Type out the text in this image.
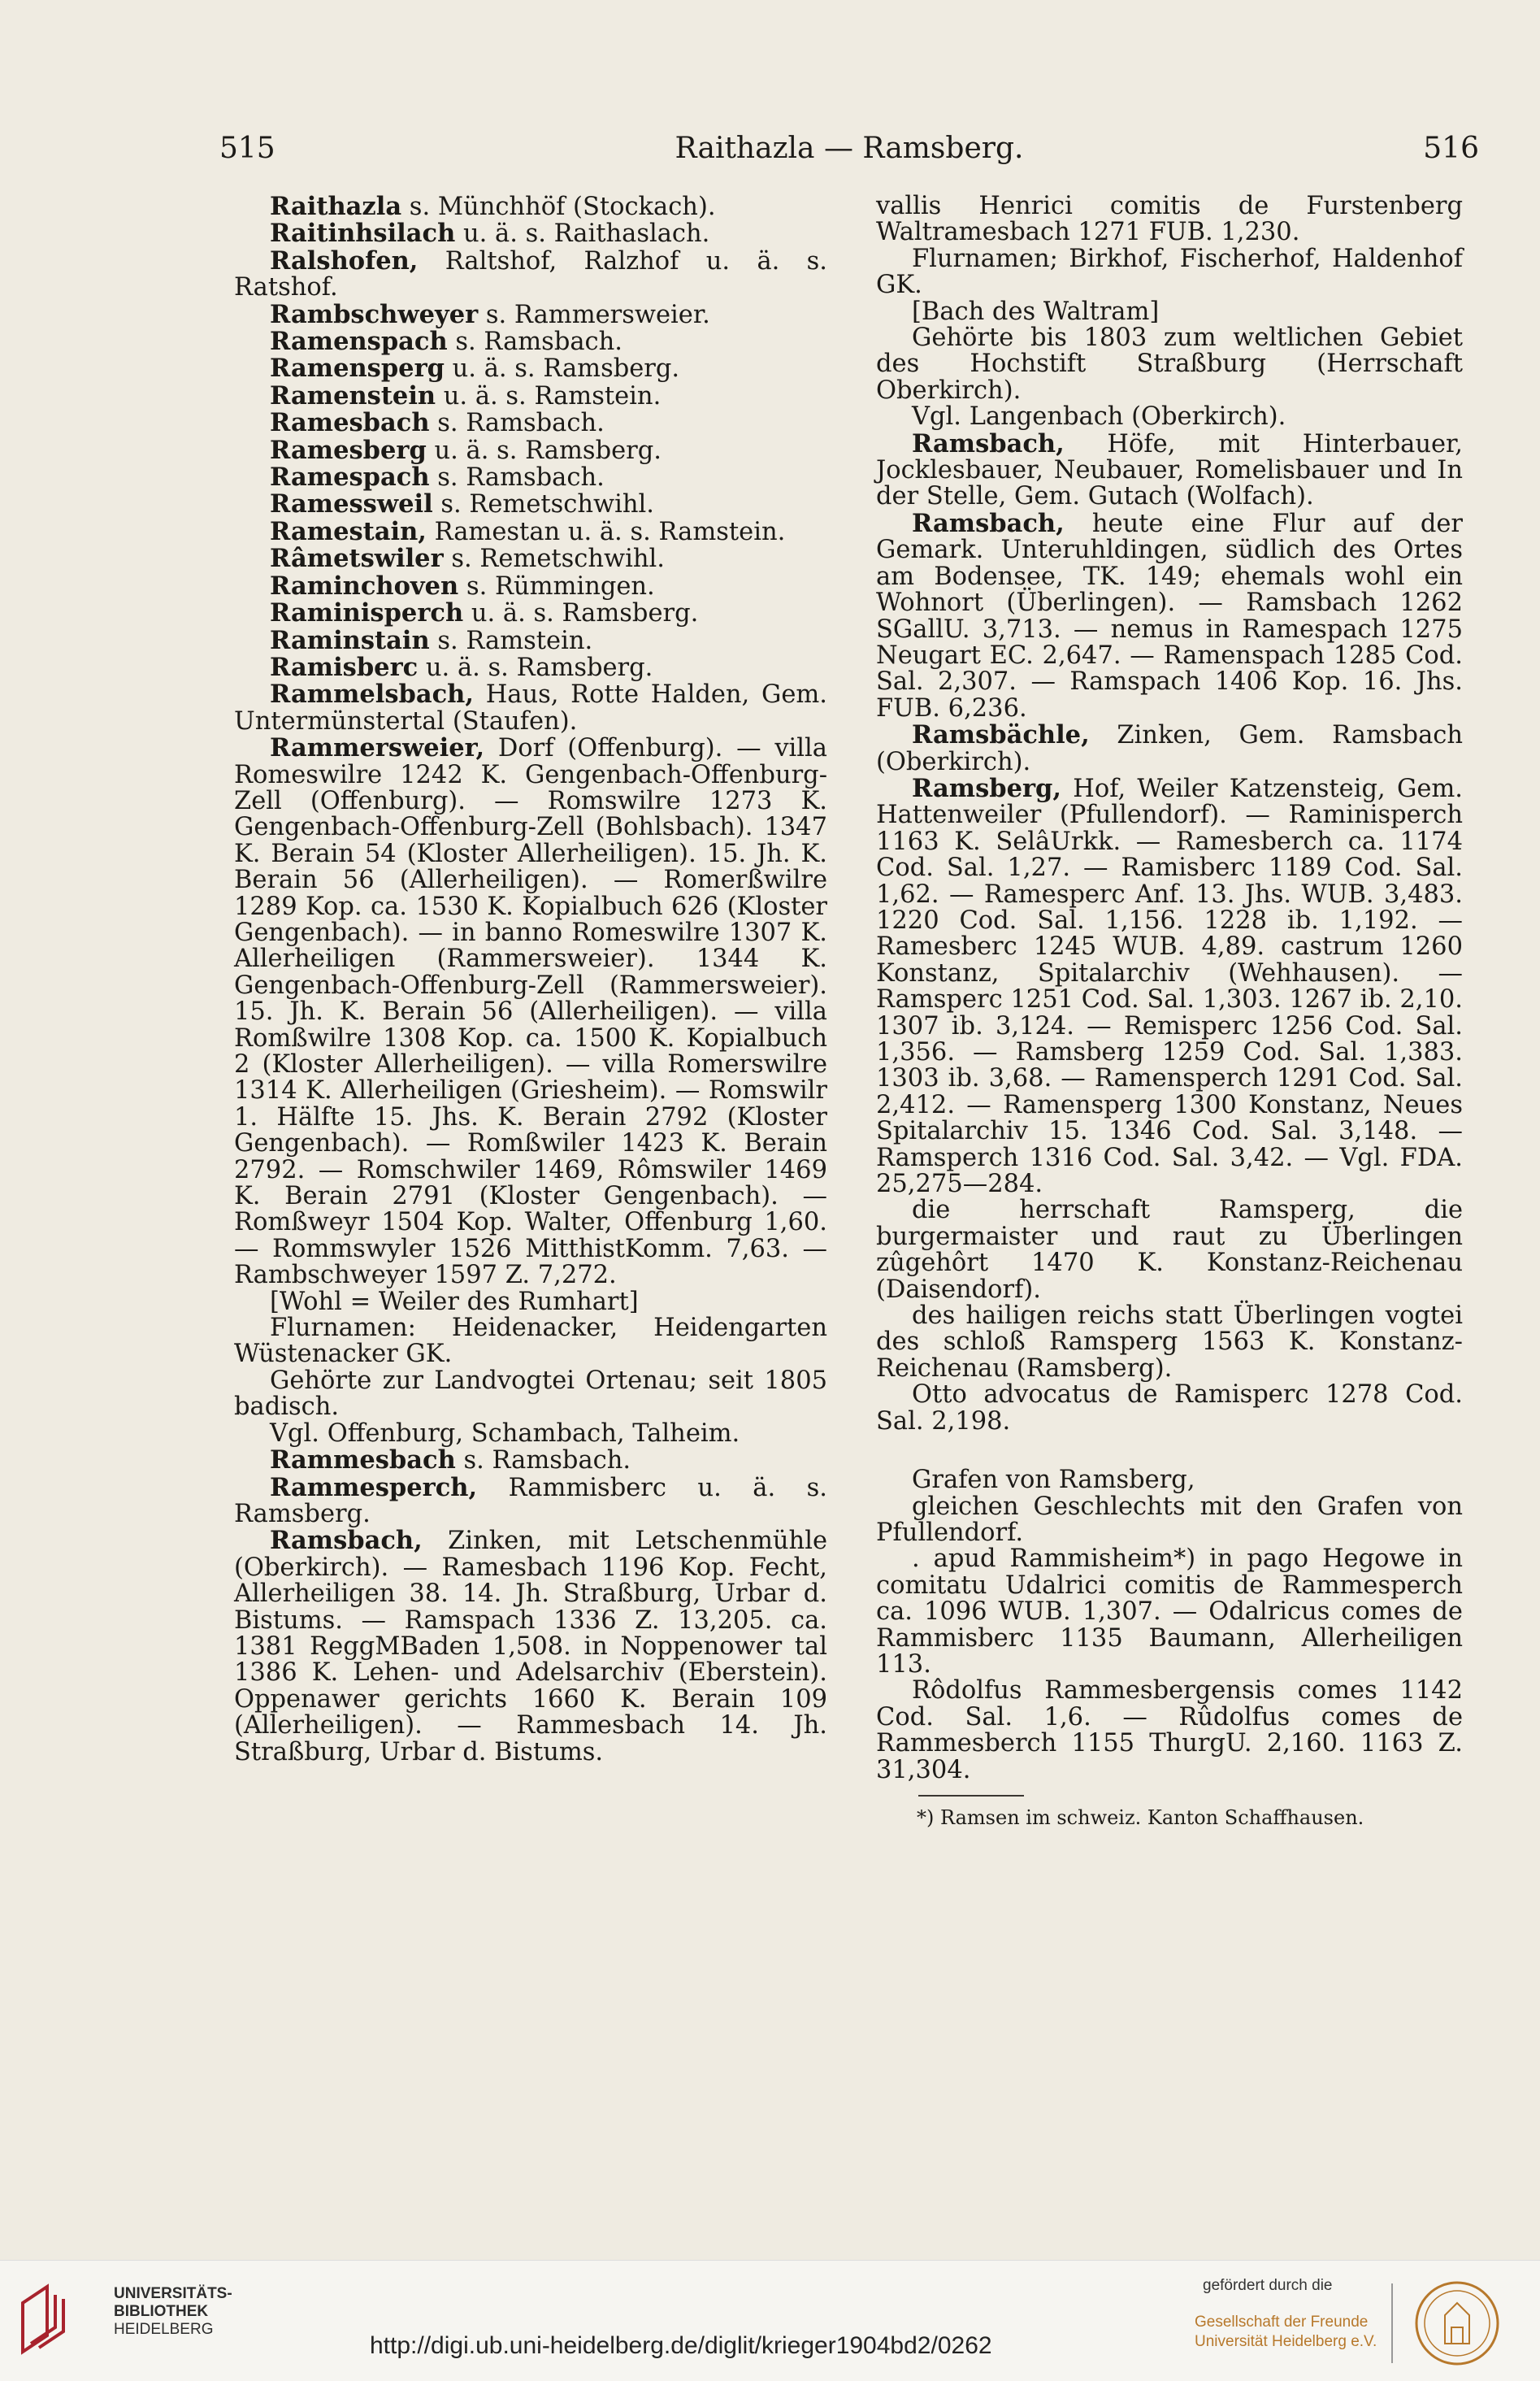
515	Raithazla — Ramsberg.	516

Raithazla s. Münchhöf (Stockach).

Raitinhsilach u. ä. s. Raithaslach.

Ralshofen, Raltshof, Ralzhof u. ä. s. Ratshof.

Rambschweyer s. Rammersweier.

Ramenspach s. Ramsbach.

Ramensperg u. ä. s. Ramsberg.

Ramenstein u. ä. s. Ramstein.

Ramesbach s. Ramsbach.

Ramesberg u. ä. s. Ramsberg.

Ramespach s. Ramsbach.

Ramessweil s. Remetschwihl.

Ramestain, Ramestan u. ä. s. Ramstein.

Râmetswiler s. Remetschwihl.

Raminchoven s. Rümmingen.

Raminisperch u. ä. s. Ramsberg.

Raminstain s. Ramstein.

Ramisberc u. ä. s. Ramsberg.

Rammelsbach, Haus, Rotte Halden, Gem. Untermünstertal (Staufen).

Rammersweier, Dorf (Offenburg). — villa Romeswilre 1242 K. Gengenbach-Offenburg-Zell (Offenburg). — Romswilre 1273 K. Gengenbach-Offenburg-Zell (Bohlsbach). 1347 K. Berain 54 (Kloster Allerheiligen). 15. Jh. K. Berain 56 (Allerheiligen). — Romerßwilre 1289 Kop. ca. 1530 K. Kopialbuch 626 (Kloster Gengenbach). — in banno Romeswilre 1307 K. Allerheiligen (Rammersweier). 1344 K. Gengenbach-Offenburg-Zell (Rammersweier). 15. Jh. K. Berain 56 (Allerheiligen). — villa Romßwilre 1308 Kop. ca. 1500 K. Kopialbuch 2 (Kloster Allerheiligen). — villa Romerswilre 1314 K. Allerheiligen (Griesheim). — Romswilr 1. Hälfte 15. Jhs. K. Berain 2792 (Kloster Gengenbach). — Romßwiler 1423 K. Berain 2792. — Romschwiler 1469, Rômswiler 1469 K. Berain 2791 (Kloster Gengenbach). — Romßweyr 1504 Kop. Walter, Offenburg 1,60. — Rommswyler 1526 MitthistKomm. 7,63. — Rambschweyer 1597 Z. 7,272.

[Wohl = Weiler des Rumhart]

Flurnamen: Heidenacker, Heidengarten Wüstenacker GK.

Gehörte zur Landvogtei Ortenau; seit 1805 badisch.

Vgl. Offenburg, Schambach, Talheim.

Rammesbach s. Ramsbach.

Rammesperch, Rammisberc u. ä. s. Ramsberg.

Ramsbach, Zinken, mit Letschenmühle (Oberkirch). — Ramesbach 1196 Kop. Fecht, Allerheiligen 38. 14. Jh. Straßburg, Urbar d. Bistums. — Ramspach 1336 Z. 13,205. ca. 1381 ReggMBaden 1,508. in Noppenower tal 1386 K. Lehen- und Adelsarchiv (Eberstein). Oppenawer gerichts 1660 K. Berain 109 (Allerheiligen). — Rammesbach 14. Jh. Straßburg, Urbar d. Bistums.

vallis Henrici comitis de Furstenberg Waltramesbach 1271 FUB. 1,230.

Flurnamen; Birkhof, Fischerhof, Haldenhof GK.

[Bach des Waltram]

Gehörte bis 1803 zum weltlichen Gebiet des Hochstift Straßburg (Herrschaft Oberkirch).

Vgl. Langenbach (Oberkirch).

Ramsbach, Höfe, mit Hinterbauer, Jocklesbauer, Neubauer, Romelisbauer und In der Stelle, Gem. Gutach (Wolfach).

Ramsbach, heute eine Flur auf der Gemark. Unteruhldingen, südlich des Ortes am Bodensee, TK. 149; ehemals wohl ein Wohnort (Überlingen). — Ramsbach 1262 SGallU. 3,713. — nemus in Ramespach 1275 Neugart EC. 2,647. — Ramenspach 1285 Cod. Sal. 2,307. — Ramspach 1406 Kop. 16. Jhs. FUB. 6,236.

Ramsbächle, Zinken, Gem. Ramsbach (Oberkirch).

Ramsberg, Hof, Weiler Katzensteig, Gem. Hattenweiler (Pfullendorf). — Raminisperch 1163 K. SelâUrkk. — Ramesberch ca. 1174 Cod. Sal. 1,27. — Ramisberc 1189 Cod. Sal. 1,62. — Ramesperc Anf. 13. Jhs. WUB. 3,483. 1220 Cod. Sal. 1,156. 1228 ib. 1,192. — Ramesberc 1245 WUB. 4,89. castrum 1260 Konstanz, Spitalarchiv (Wehhausen). — Ramsperc 1251 Cod. Sal. 1,303. 1267 ib. 2,10. 1307 ib. 3,124. — Remisperc 1256 Cod. Sal. 1,356. — Ramsberg 1259 Cod. Sal. 1,383. 1303 ib. 3,68. — Ramensperch 1291 Cod. Sal. 2,412. — Ramensperg 1300 Konstanz, Neues Spitalarchiv 15. 1346 Cod. Sal. 3,148. — Ramsperch 1316 Cod. Sal. 3,42. — Vgl. FDA. 25,275—284.

die herrschaft Ramsperg, die burgermaister und raut zu Überlingen zûgehôrt 1470 K. Konstanz-Reichenau (Daisendorf).

des hailigen reichs statt Überlingen vogtei des schloß Ramsperg 1563 K. Konstanz-Reichenau (Ramsberg).

Otto advocatus de Ramisperc 1278 Cod. Sal. 2,198.

Grafen von Ramsberg,

gleichen Geschlechts mit den Grafen von Pfullendorf.

. apud Rammisheim*) in pago Hegowe in comitatu Udalrici comitis de Rammesperch ca. 1096 WUB. 1,307. — Odalricus comes de Rammisberc 1135 Baumann, Allerheiligen 113.

Rôdolfus Rammesbergensis comes 1142 Cod. Sal. 1,6. — Rûdolfus comes de Rammesberch 1155 ThurgU. 2,160. 1163 Z. 31,304.

*) Ramsen im schweiz. Kanton Schaffhausen.

UNIVERSITÄTS-
BIBLIOTHEK
HEIDELBERG
http://digi.ub.uni-heidelberg.de/diglit/krieger1904bd2/0262
gefördert durch die
Gesellschaft der Freunde
Universität Heidelberg e.V.
